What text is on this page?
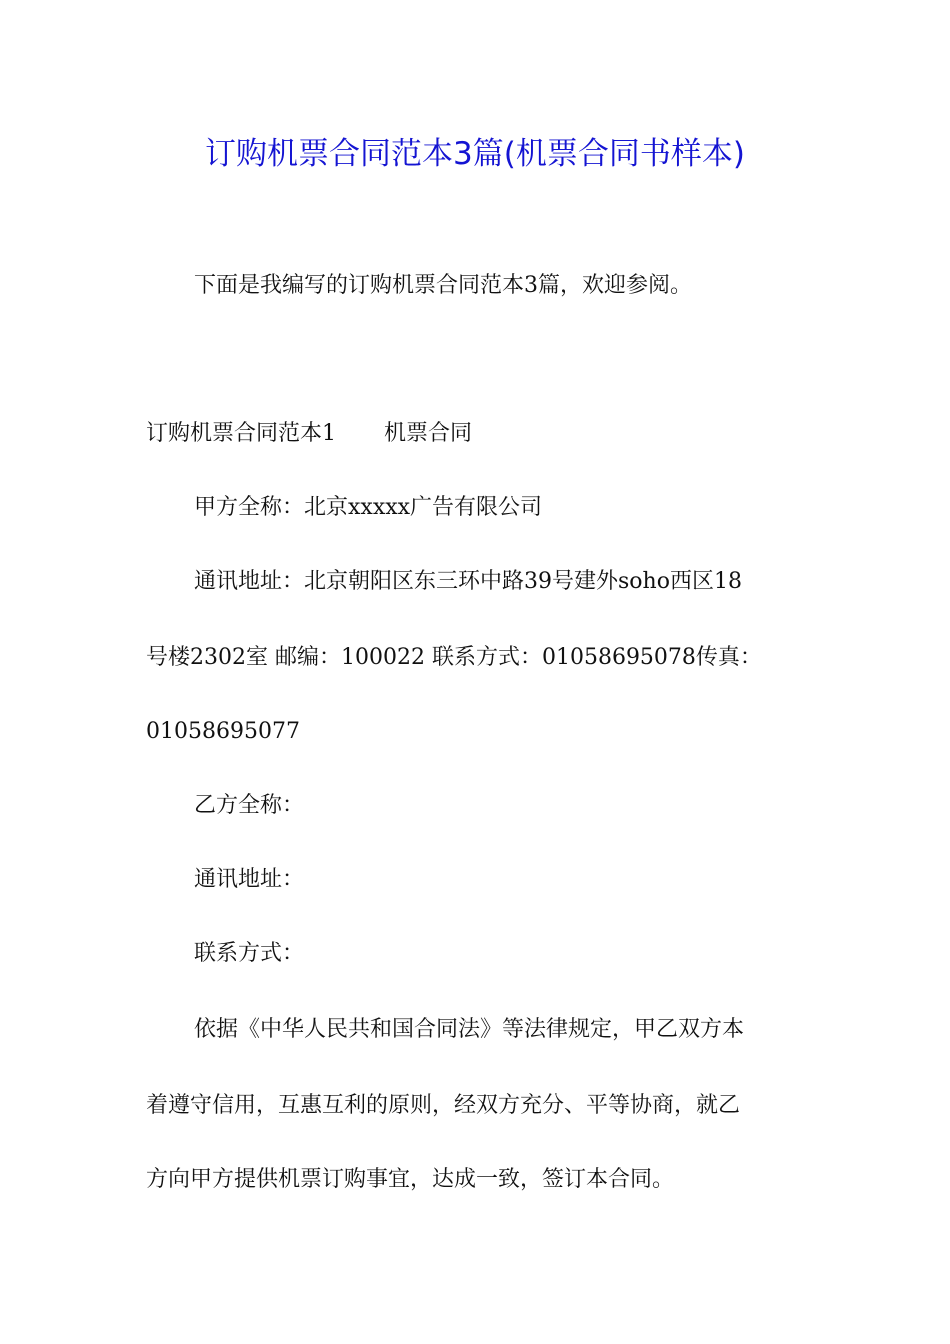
订购机票合同范本3篇(机票合同书样本)

下面是我编写的订购机票合同范本3篇，欢迎参阅。

订购机票合同范本1 机票合同

甲方全称：北京xxxxx广告有限公司

通讯地址：北京朝阳区东三环中路39号建外soho西区18

号楼2302室 邮编：100022 联系方式：01058695078传真：

01058695077

乙方全称：

通讯地址：

联系方式：

依据《中华人民共和国合同法》等法律规定，甲乙双方本

着遵守信用，互惠互利的原则，经双方充分、平等协商，就乙

方向甲方提供机票订购事宜，达成一致，签订本合同。
